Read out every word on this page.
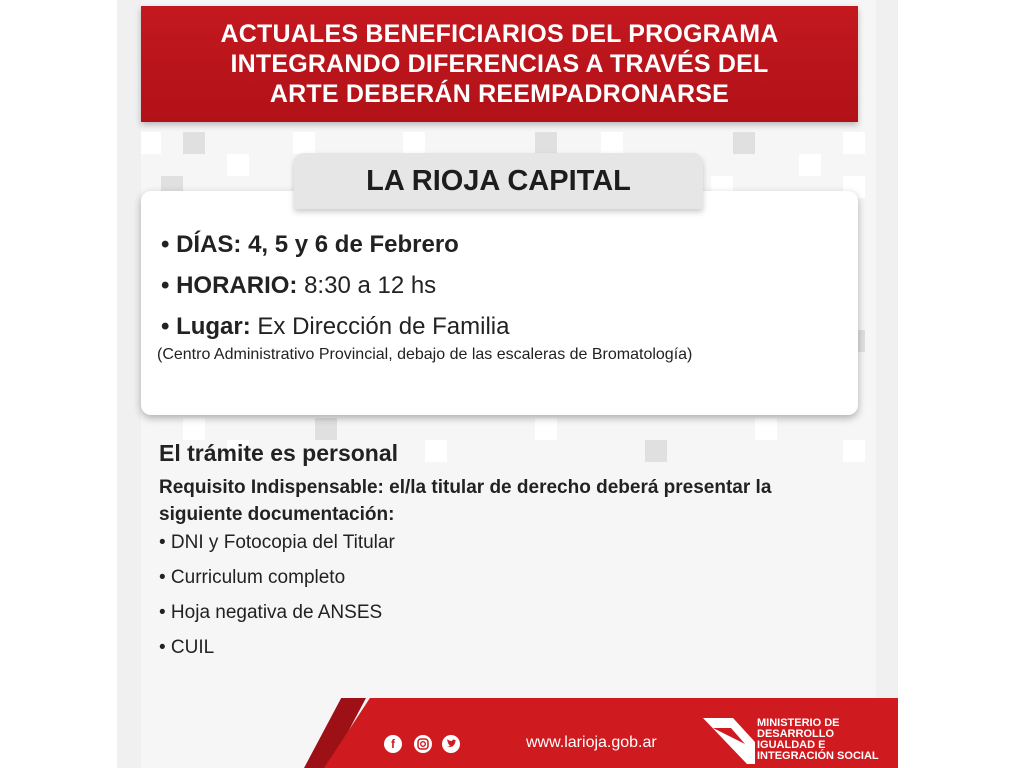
ACTUALES BENEFICIARIOS DEL PROGRAMA
INTEGRANDO DIFERENCIAS A TRAVÉS DEL
ARTE DEBERÁN REEMPADRONARSE
• DÍAS: 4, 5 y 6 de Febrero
• HORARIO: 8:30 a 12 hs
• Lugar: Ex Dirección de Familia
(Centro Administrativo Provincial, debajo de las escaleras de Bromatología)
LA RIOJA CAPITAL
El trámite es personal
Requisito Indispensable: el/la titular de derecho deberá presentar la siguiente documentación:
• DNI y Fotocopia del Titular
• Curriculum completo
• Hoja negativa de ANSES
• CUIL
f	www.larioja.gob.ar
MINISTERIO DE
DESARROLLO
IGUALDAD E
INTEGRACIÓN SOCIAL
